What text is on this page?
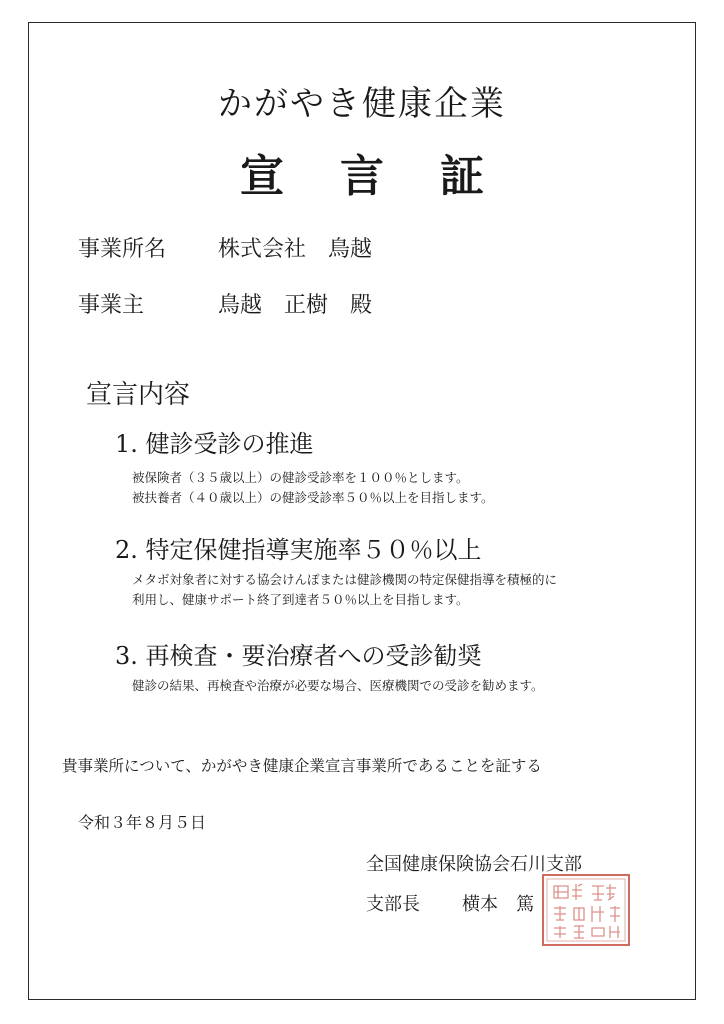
かがやき健康企業
宣 言 証
事業所名 株式会社　鳥越
事業主	鳥越　正樹　殿
宣言内容
1. 健診受診の推進
被保険者（３５歳以上）の健診受診率を１００％とします。
被扶養者（４０歳以上）の健診受診率５０％以上を目指します。
2. 特定保健指導実施率５０％以上
メタボ対象者に対する協会けんぽまたは健診機関の特定保健指導を積極的に
利用し、健康サポート終了到達者５０％以上を目指します。
3. 再検査・要治療者への受診勧奨
健診の結果、再検査や治療が必要な場合、医療機関での受診を勧めます。
貴事業所について、かがやき健康企業宣言事業所であることを証する
令和３年８月５日
全国健康保険協会石川支部
支部長 横本　篤
